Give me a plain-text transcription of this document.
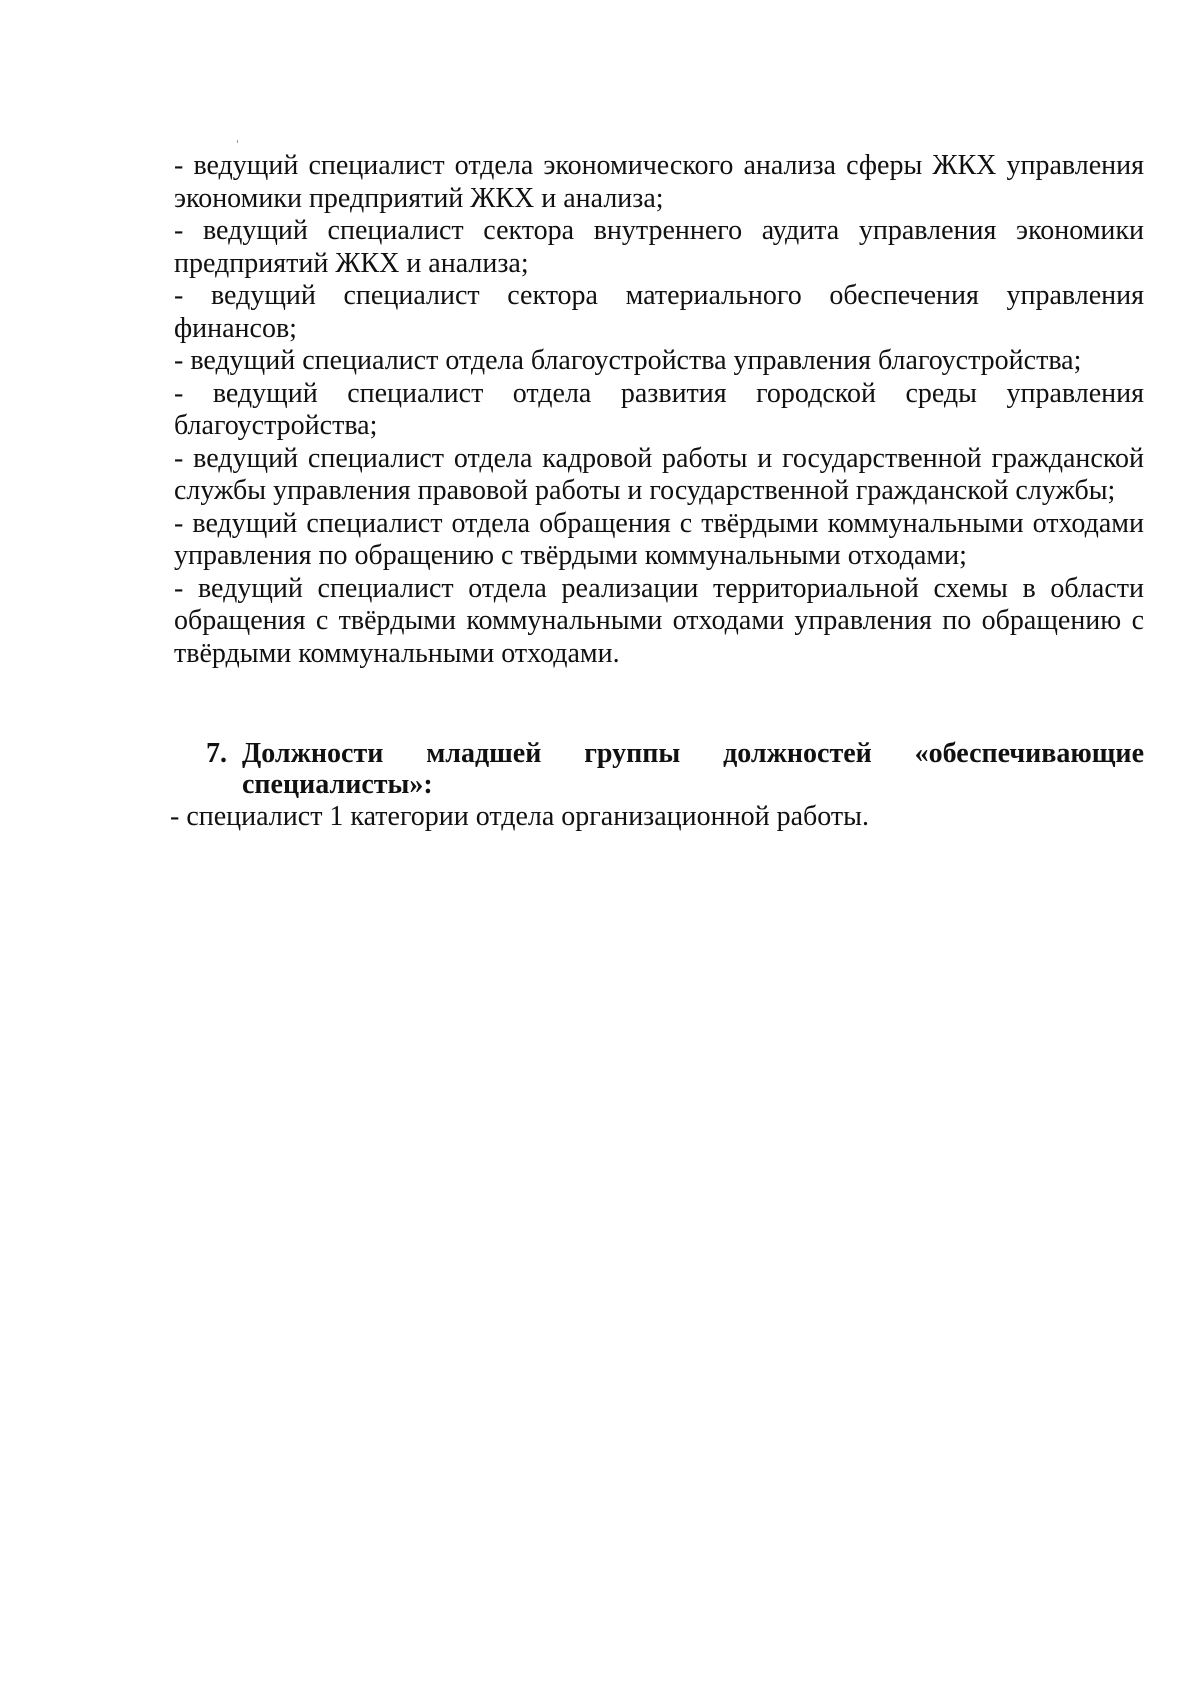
- ведущий специалист отдела экономического анализа сферы ЖКХ управления экономики предприятий ЖКХ и анализа;
- ведущий специалист сектора внутреннего аудита управления экономики предприятий ЖКХ и анализа;
- ведущий специалист сектора материального обеспечения управления финансов;
- ведущий специалист отдела благоустройства управления благоустройства;
- ведущий специалист отдела развития городской среды управления благоустройства;
- ведущий специалист отдела кадровой работы и государственной гражданской службы управления правовой работы и государственной гражданской службы;
- ведущий специалист отдела обращения с твёрдыми коммунальными отходами управления по обращению с твёрдыми коммунальными отходами;
- ведущий специалист отдела реализации территориальной схемы в области обращения с твёрдыми коммунальными отходами управления по обращению с твёрдыми коммунальными отходами.
7. Должности младшей группы должностей «обеспечивающие специалисты»:
- специалист 1 категории отдела организационной работы.
